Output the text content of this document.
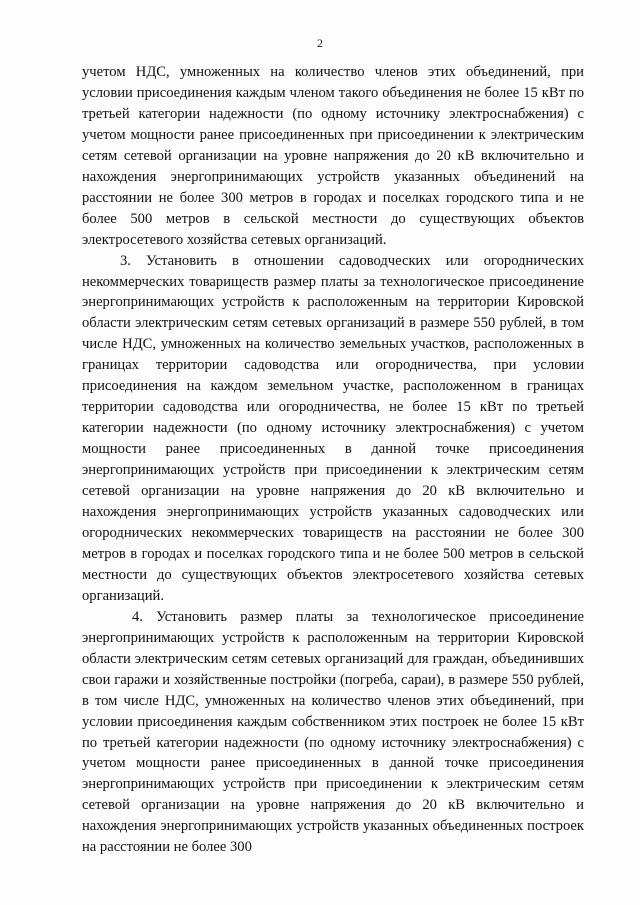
2

учетом НДС, умноженных на количество членов этих объединений, при условии присоединения каждым членом такого объединения не более 15 кВт по третьей категории надежности (по одному источнику электроснабжения) с учетом мощности ранее присоединенных при присоединении к электрическим сетям сетевой организации на уровне напряжения до 20 кВ включительно и нахождения энергопринимающих устройств указанных объединений на расстоянии не более 300 метров в городах и поселках городского типа и не более 500 метров в сельской местности до существующих объектов электросетевого хозяйства сетевых организаций.

3. Установить в отношении садоводческих или огороднических некоммерческих товариществ размер платы за технологическое присоединение энергопринимающих устройств к расположенным на территории Кировской области электрическим сетям сетевых организаций в размере 550 рублей, в том числе НДС, умноженных на количество земельных участков, расположенных в границах территории садоводства или огородничества, при условии присоединения на каждом земельном участке, расположенном в границах территории садоводства или огородничества, не более 15 кВт по третьей категории надежности (по одному источнику электроснабжения) с учетом мощности ранее присоединенных в данной точке присоединения энергопринимающих устройств при присоединении к электрическим сетям сетевой организации на уровне напряжения до 20 кВ включительно и нахождения энергопринимающих устройств указанных садоводческих или огороднических некоммерческих товариществ на расстоянии не более 300 метров в городах и поселках городского типа и не более 500 метров в сельской местности до существующих объектов электросетевого хозяйства сетевых организаций.

4. Установить размер платы за технологическое присоединение энергопринимающих устройств к расположенным на территории Кировской области электрическим сетям сетевых организаций для граждан, объединивших свои гаражи и хозяйственные постройки (погреба, сараи), в размере 550 рублей, в том числе НДС, умноженных на количество членов этих объединений, при условии присоединения каждым собственником этих построек не более 15 кВт по третьей категории надежности (по одному источнику электроснабжения) с учетом мощности ранее присоединенных в данной точке присоединения энергопринимающих устройств при присоединении к электрическим сетям сетевой организации на уровне напряжения до 20 кВ включительно и нахождения энергопринимающих устройств указанных объединенных построек на расстоянии не более 300
